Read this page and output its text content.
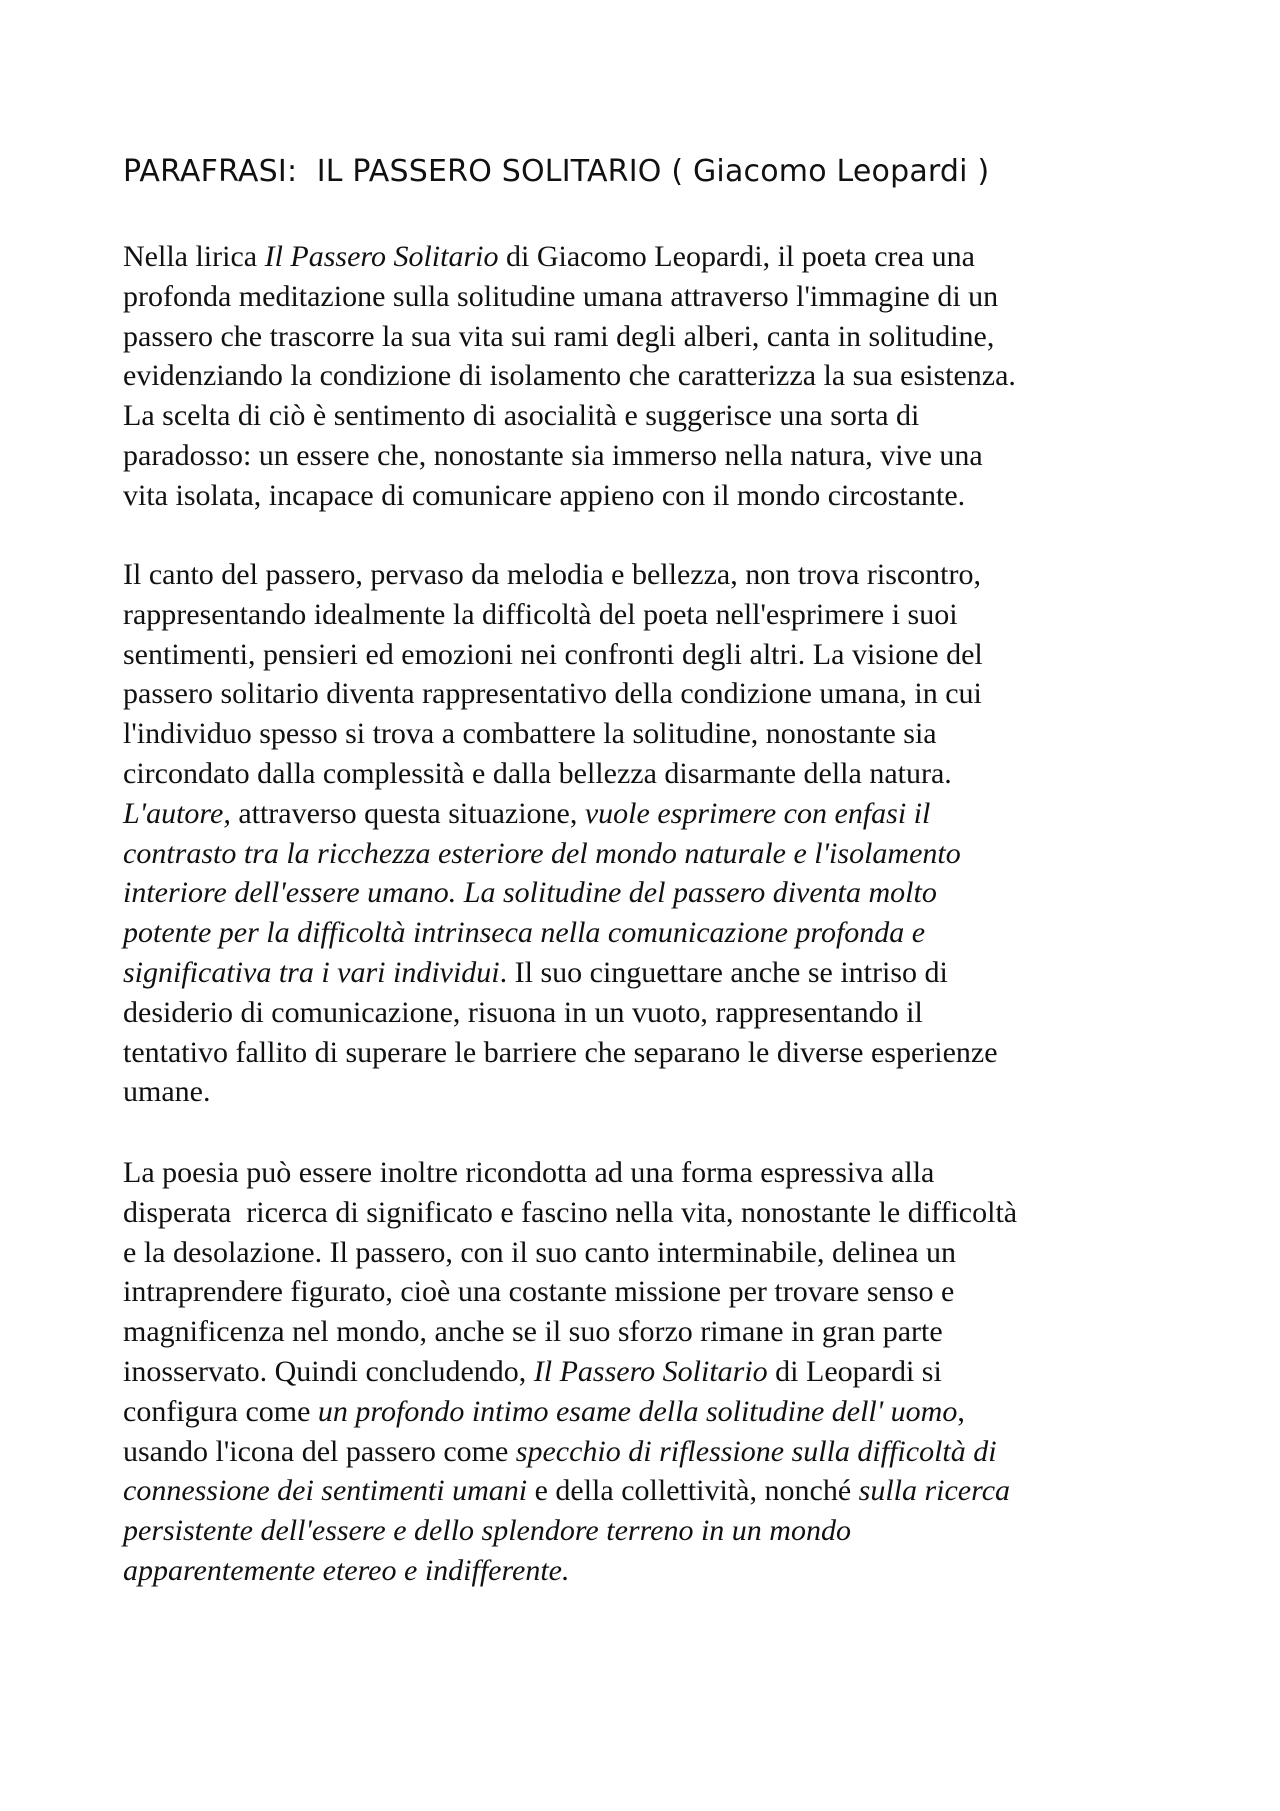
PARAFRASI:  IL PASSERO SOLITARIO ( Giacomo Leopardi )
Nella lirica Il Passero Solitario di Giacomo Leopardi, il poeta crea una
profonda meditazione sulla solitudine umana attraverso l'immagine di un
passero che trascorre la sua vita sui rami degli alberi, canta in solitudine,
evidenziando la condizione di isolamento che caratterizza la sua esistenza.
La scelta di ciò è sentimento di asocialità e suggerisce una sorta di
paradosso: un essere che, nonostante sia immerso nella natura, vive una
vita isolata, incapace di comunicare appieno con il mondo circostante.
Il canto del passero, pervaso da melodia e bellezza, non trova riscontro,
rappresentando idealmente la difficoltà del poeta nell'esprimere i suoi
sentimenti, pensieri ed emozioni nei confronti degli altri. La visione del
passero solitario diventa rappresentativo della condizione umana, in cui
l'individuo spesso si trova a combattere la solitudine, nonostante sia
circondato dalla complessità e dalla bellezza disarmante della natura.
L'autore, attraverso questa situazione, vuole esprimere con enfasi il
contrasto tra la ricchezza esteriore del mondo naturale e l'isolamento
interiore dell'essere umano. La solitudine del passero diventa molto
potente per la difficoltà intrinseca nella comunicazione profonda e
significativa tra i vari individui. Il suo cinguettare anche se intriso di
desiderio di comunicazione, risuona in un vuoto, rappresentando il
tentativo fallito di superare le barriere che separano le diverse esperienze
umane.
La poesia può essere inoltre ricondotta ad una forma espressiva alla
disperata  ricerca di significato e fascino nella vita, nonostante le difficoltà
e la desolazione. Il passero, con il suo canto interminabile, delinea un
intraprendere figurato, cioè una costante missione per trovare senso e
magnificenza nel mondo, anche se il suo sforzo rimane in gran parte
inosservato. Quindi concludendo, Il Passero Solitario di Leopardi si
configura come un profondo intimo esame della solitudine dell' uomo,
usando l'icona del passero come specchio di riflessione sulla difficoltà di
connessione dei sentimenti umani e della collettività, nonché sulla ricerca
persistente dell'essere e dello splendore terreno in un mondo
apparentemente etereo e indifferente.
